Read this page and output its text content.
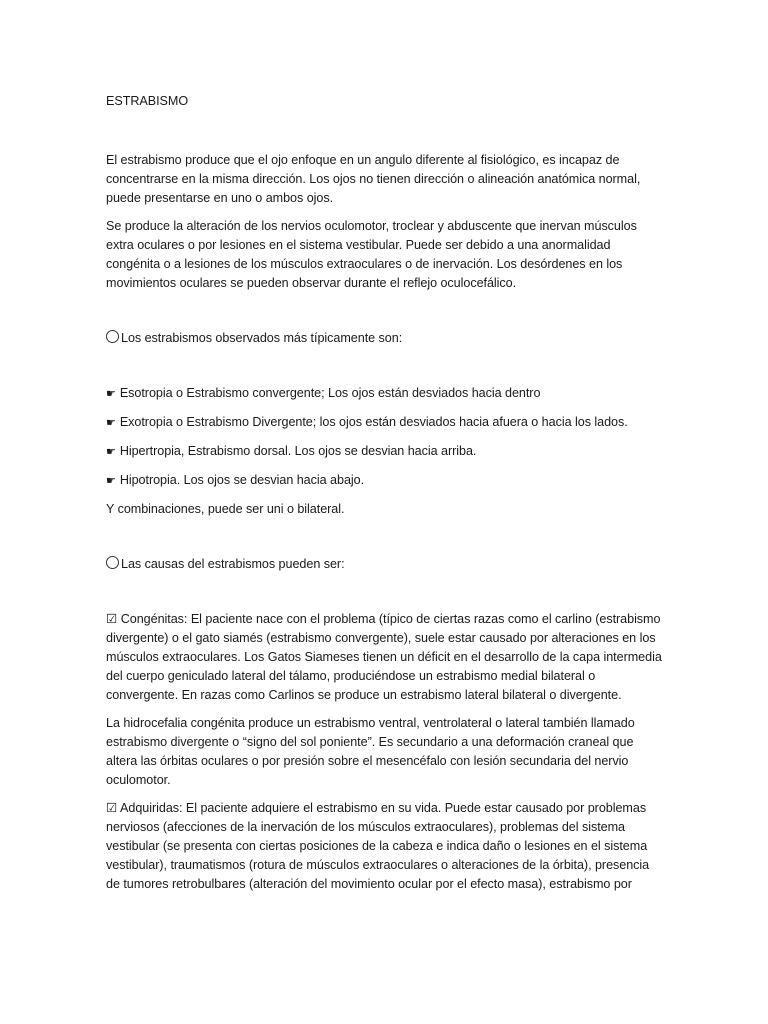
ESTRABISMO

El estrabismo produce que el ojo enfoque en un angulo diferente al fisiológico, es incapaz de concentrarse en la misma dirección. Los ojos no tienen dirección o alineación anatómica normal, puede presentarse en uno o ambos ojos.

Se produce la alteración de los nervios oculomotor, troclear y abduscente que inervan músculos extra oculares o por lesiones en el sistema vestibular. Puede ser debido a una anormalidad congénita o a lesiones de los músculos extraoculares o de inervación. Los desórdenes en los movimientos oculares se pueden observar durante el reflejo oculocefálico.

Los estrabismos observados más típicamente son:
☛ Esotropia o Estrabismo convergente; Los ojos están desviados hacia dentro
☛ Exotropia o Estrabismo Divergente; los ojos están desviados hacia afuera o hacia los lados.
☛ Hipertropia, Estrabismo dorsal. Los ojos se desvian hacia arriba.
☛ Hipotropia. Los ojos se desvian hacia abajo.

Y combinaciones, puede ser uni o bilateral.

Las causas del estrabismos pueden ser:

☑ Congénitas: El paciente nace con el problema (típico de ciertas razas como el carlino (estrabismo divergente) o el gato siamés (estrabismo convergente), suele estar causado por alteraciones en los músculos extraoculares. Los Gatos Siameses tienen un déficit en el desarrollo de la capa intermedia del cuerpo geniculado lateral del tálamo, produciéndose un estrabismo medial bilateral o convergente. En razas como Carlinos se produce un estrabismo lateral bilateral o divergente.

La hidrocefalia congénita produce un estrabismo ventral, ventrolateral o lateral también llamado estrabismo divergente o “signo del sol poniente”. Es secundario a una deformación craneal que altera las órbitas oculares o por presión sobre el mesencéfalo con lesión secundaria del nervio oculomotor.

☑ Adquiridas: El paciente adquiere el estrabismo en su vida. Puede estar causado por problemas nerviosos (afecciones de la inervación de los músculos extraoculares), problemas del sistema vestibular (se presenta con ciertas posiciones de la cabeza e indica daño o lesiones en el sistema vestibular), traumatismos (rotura de músculos extraoculares o alteraciones de la órbita), presencia de tumores retrobulbares (alteración del movimiento ocular por el efecto masa), estrabismo por
